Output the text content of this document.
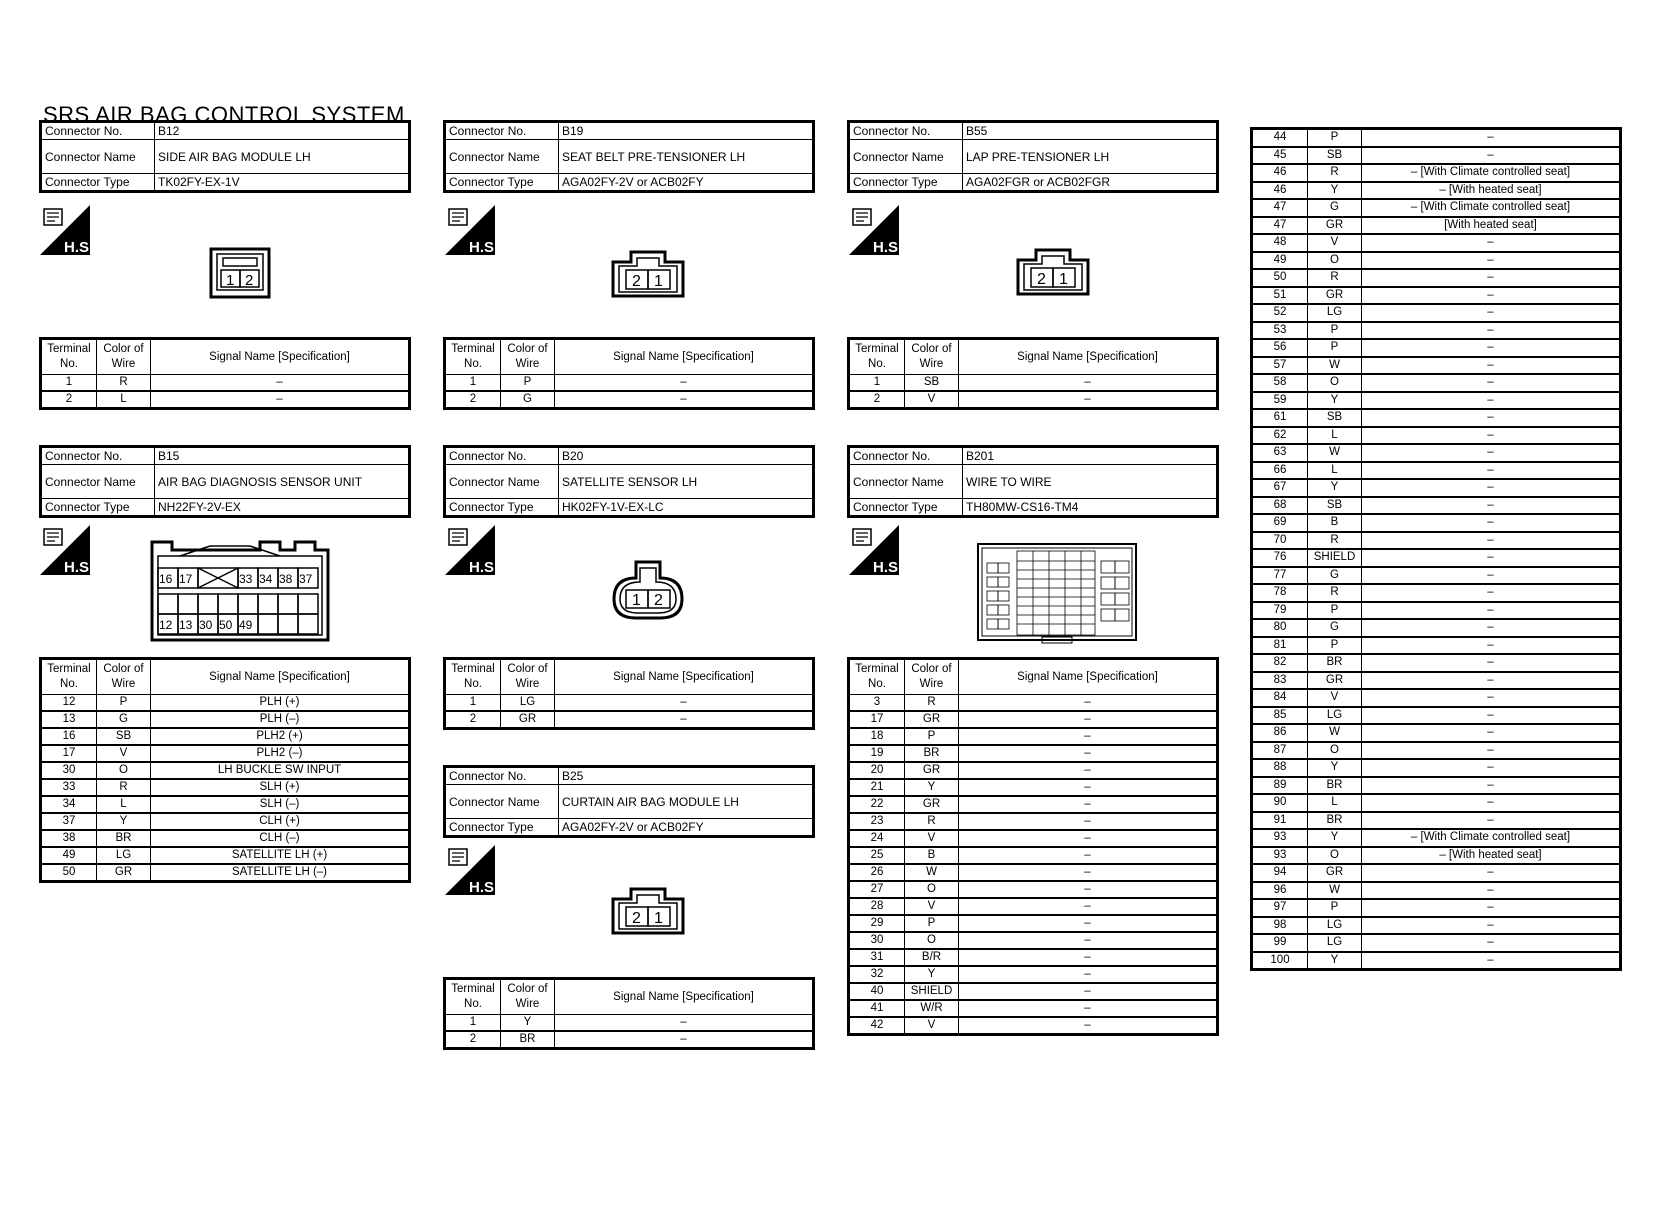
SRS AIR BAG CONTROL SYSTEM
Connector No.	B12
Connector Name	SIDE AIR BAG MODULE LH
Connector Type	TK02FY-EX-1V
H.S.
1 2
Terminal No.	Color of Wire	Signal Name [Specification]
1	R	–
2	L	–
Connector No.	B19
Connector Name	SEAT BELT PRE-TENSIONER LH
Connector Type	AGA02FY-2V or ACB02FY
H.S.
2 1
Terminal No.	Color of Wire	Signal Name [Specification]
1	P	–
2	G	–
Connector No.	B55
Connector Name	LAP PRE-TENSIONER LH
Connector Type	AGA02FGR or ACB02FGR
H.S.
2 1
Terminal No.	Color of Wire	Signal Name [Specification]
1	SB	–
2	V	–
Connector No.	B15
Connector Name	AIR BAG DIAGNOSIS SENSOR UNIT
Connector Type	NH22FY-2V-EX
H.S.
16 17	33 34 38 37
12 13 30 50 49
Terminal No.	Color of Wire	Signal Name [Specification]
12	P	PLH (+)
13	G	PLH (–)
16	SB	PLH2 (+)
17	V	PLH2 (–)
30	O	LH BUCKLE SW INPUT
33	R	SLH (+)
34	L	SLH (–)
37	Y	CLH (+)
38	BR	CLH (–)
49	LG	SATELLITE LH (+)
50	GR	SATELLITE LH (–)
Connector No.	B20
Connector Name	SATELLITE SENSOR LH
Connector Type	HK02FY-1V-EX-LC
H.S.
1 2
Terminal No.	Color of Wire	Signal Name [Specification]
1	LG	–
2	GR	–
Connector No.	B201
Connector Name	WIRE TO WIRE
Connector Type	TH80MW-CS16-TM4
H.S.
Terminal No.	Color of Wire	Signal Name [Specification]
3	R	–
17	GR	–
18	P	–
19	BR	–
20	GR	–
21	Y	–
22	GR	–
23	R	–
24	V	–
25	B	–
26	W	–
27	O	–
28	V	–
29	P	–
30	O	–
31	B/R	–
32	Y	–
40	SHIELD	–
41	W/R	–
42	V	–
Connector No.	B25
Connector Name	CURTAIN AIR BAG MODULE LH
Connector Type	AGA02FY-2V or ACB02FY
H.S.
2 1
Terminal No.	Color of Wire	Signal Name [Specification]
1	Y	–
2	BR	–
44	P	–
45	SB	–
46	R	– [With Climate controlled seat]
46	Y	– [With heated seat]
47	G	– [With Climate controlled seat]
47	GR	[With heated seat]
48	V	–
49	O	–
50	R	–
51	GR	–
52	LG	–
53	P	–
56	P	–
57	W	–
58	O	–
59	Y	–
61	SB	–
62	L	–
63	W	–
66	L	–
67	Y	–
68	SB	–
69	B	–
70	R	–
76	SHIELD	–
77	G	–
78	R	–
79	P	–
80	G	–
81	P	–
82	BR	–
83	GR	–
84	V	–
85	LG	–
86	W	–
87	O	–
88	Y	–
89	BR	–
90	L	–
91	BR	–
93	Y	– [With Climate controlled seat]
93	O	– [With heated seat]
94	GR	–
96	W	–
97	P	–
98	LG	–
99	LG	–
100	Y	–
